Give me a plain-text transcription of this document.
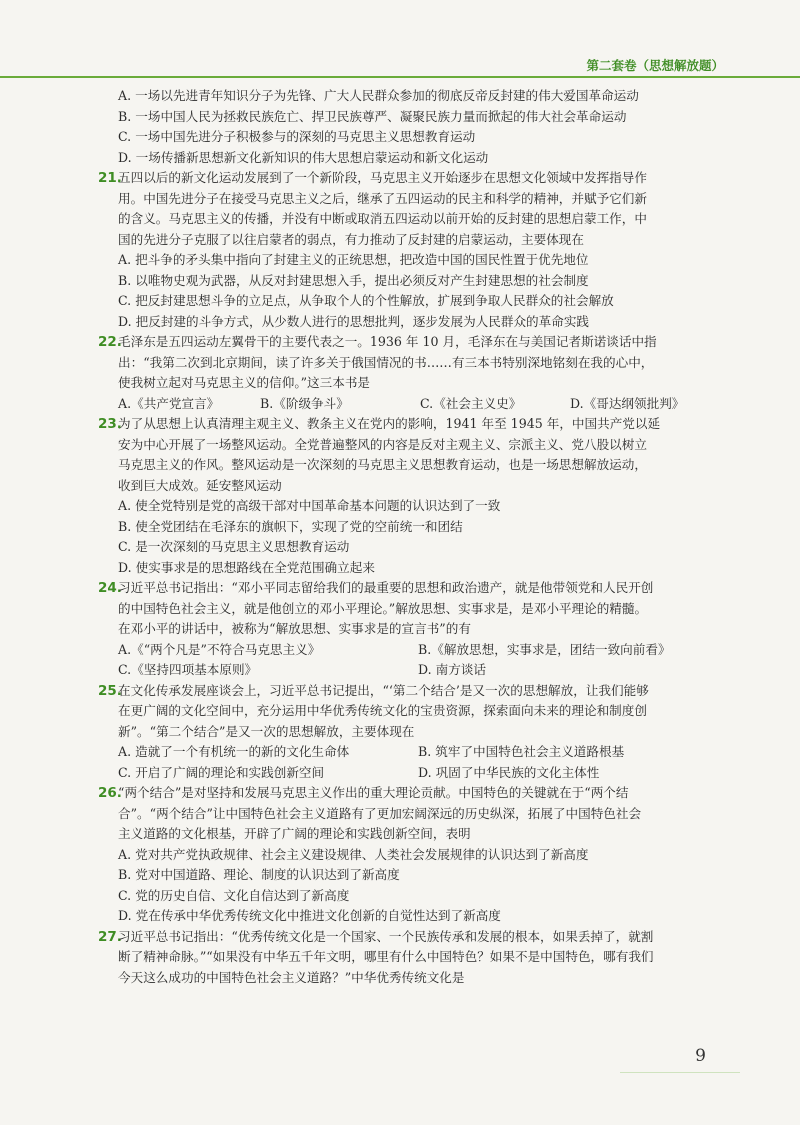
第二套卷（思想解放题）
A. 一场以先进青年知识分子为先锋、广大人民群众参加的彻底反帝反封建的伟大爱国革命运动
B. 一场中国人民为拯救民族危亡、捍卫民族尊严、凝聚民族力量而掀起的伟大社会革命运动
C. 一场中国先进分子积极参与的深刻的马克思主义思想教育运动
D. 一场传播新思想新文化新知识的伟大思想启蒙运动和新文化运动
21.五四以后的新文化运动发展到了一个新阶段，马克思主义开始逐步在思想文化领域中发挥指导作
用。中国先进分子在接受马克思主义之后，继承了五四运动的民主和科学的精神，并赋予它们新
的含义。马克思主义的传播，并没有中断或取消五四运动以前开始的反封建的思想启蒙工作，中
国的先进分子克服了以往启蒙者的弱点，有力推动了反封建的启蒙运动，主要体现在
A. 把斗争的矛头集中指向了封建主义的正统思想，把改造中国的国民性置于优先地位
B. 以唯物史观为武器，从反对封建思想入手，提出必须反对产生封建思想的社会制度
C. 把反封建思想斗争的立足点，从争取个人的个性解放，扩展到争取人民群众的社会解放
D. 把反封建的斗争方式，从少数人进行的思想批判，逐步发展为人民群众的革命实践
22.毛泽东是五四运动左翼骨干的主要代表之一。1936 年 10 月，毛泽东在与美国记者斯诺谈话中指
出：“我第二次到北京期间，读了许多关于俄国情况的书……有三本书特别深地铭刻在我的心中，
使我树立起对马克思主义的信仰。”这三本书是
A.《共产党宣言》	B.《阶级争斗》	C.《社会主义史》	D.《哥达纲领批判》
23.为了从思想上认真清理主观主义、教条主义在党内的影响，1941 年至 1945 年，中国共产党以延
安为中心开展了一场整风运动。全党普遍整风的内容是反对主观主义、宗派主义、党八股以树立
马克思主义的作风。整风运动是一次深刻的马克思主义思想教育运动，也是一场思想解放运动，
收到巨大成效。延安整风运动
A. 使全党特别是党的高级干部对中国革命基本问题的认识达到了一致
B. 使全党团结在毛泽东的旗帜下，实现了党的空前统一和团结
C. 是一次深刻的马克思主义思想教育运动
D. 使实事求是的思想路线在全党范围确立起来
24.习近平总书记指出：“邓小平同志留给我们的最重要的思想和政治遗产，就是他带领党和人民开创
的中国特色社会主义，就是他创立的邓小平理论。”解放思想、实事求是，是邓小平理论的精髓。
在邓小平的讲话中，被称为“解放思想、实事求是的宣言书”的有
A.《“两个凡是”不符合马克思主义》	B.《解放思想，实事求是，团结一致向前看》
C.《坚持四项基本原则》	D. 南方谈话
25.在文化传承发展座谈会上，习近平总书记提出，“‘第二个结合’是又一次的思想解放，让我们能够
在更广阔的文化空间中，充分运用中华优秀传统文化的宝贵资源，探索面向未来的理论和制度创
新”。“第二个结合”是又一次的思想解放，主要体现在
A. 造就了一个有机统一的新的文化生命体	B. 筑牢了中国特色社会主义道路根基
C. 开启了广阔的理论和实践创新空间	D. 巩固了中华民族的文化主体性
26.“两个结合”是对坚持和发展马克思主义作出的重大理论贡献。中国特色的关键就在于“两个结
合”。“两个结合”让中国特色社会主义道路有了更加宏阔深远的历史纵深，拓展了中国特色社会
主义道路的文化根基，开辟了广阔的理论和实践创新空间，表明
A. 党对共产党执政规律、社会主义建设规律、人类社会发展规律的认识达到了新高度
B. 党对中国道路、理论、制度的认识达到了新高度
C. 党的历史自信、文化自信达到了新高度
D. 党在传承中华优秀传统文化中推进文化创新的自觉性达到了新高度
27.习近平总书记指出：“优秀传统文化是一个国家、一个民族传承和发展的根本，如果丢掉了，就割
断了精神命脉。”“如果没有中华五千年文明，哪里有什么中国特色？如果不是中国特色，哪有我们
今天这么成功的中国特色社会主义道路？”中华优秀传统文化是
9
